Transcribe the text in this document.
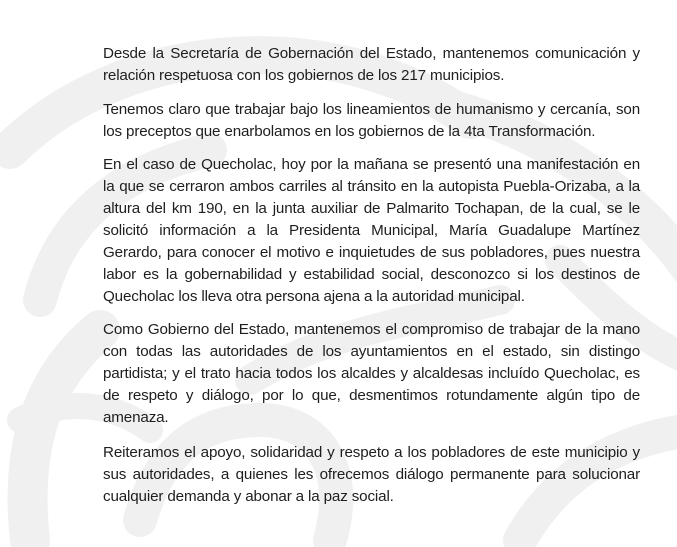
Desde la Secretaría de Gobernación del Estado, mantenemos comunicación y relación respetuosa con los gobiernos de los 217 municipios.

Tenemos claro que trabajar bajo los lineamientos de humanismo y cercanía, son los preceptos que enarbolamos en los gobiernos de la 4ta Transformación.

En el caso de Quecholac, hoy por la mañana se presentó una manifestación en la que se cerraron ambos carriles al tránsito en la autopista Puebla-Orizaba, a la altura del km 190, en la junta auxiliar de Palmarito Tochapan, de la cual, se le solicitó información a la Presidenta Municipal, María Guadalupe Martínez Gerardo, para conocer el motivo e inquietudes de sus pobladores, pues nuestra labor es la gobernabilidad y estabilidad social, desconozco si los destinos de Quecholac los lleva otra persona ajena a la autoridad municipal.

Como Gobierno del Estado, mantenemos el compromiso de trabajar de la mano con todas las autoridades de los ayuntamientos en el estado, sin distingo partidista; y el trato hacia todos los alcaldes y alcaldesas incluído Quecholac, es de respeto y diálogo, por lo que, desmentimos rotundamente algún tipo de amenaza.

Reiteramos el apoyo, solidaridad y respeto a los pobladores de este municipio y sus autoridades, a quienes les ofrecemos diálogo permanente para solucionar cualquier demanda y abonar a la paz social.
